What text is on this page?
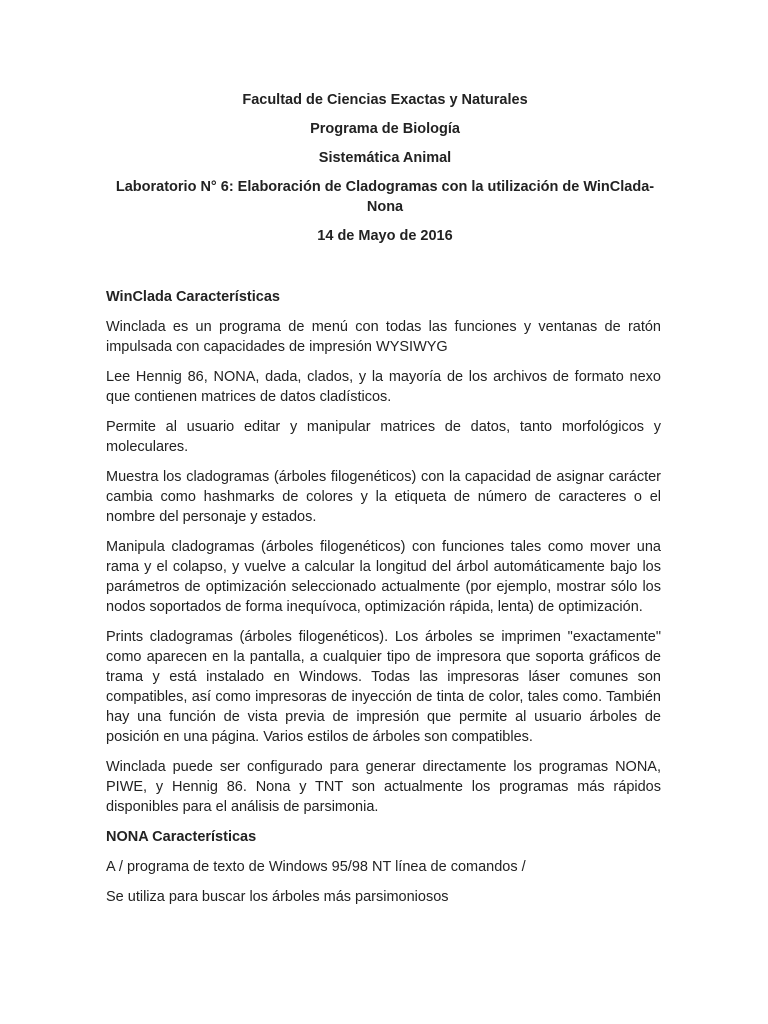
Facultad de Ciencias Exactas y Naturales
Programa de Biología
Sistemática Animal
Laboratorio N° 6: Elaboración de Cladogramas con la utilización de WinClada-Nona
14 de Mayo de 2016
WinClada Características

Winclada es un programa de menú con todas las funciones y ventanas de ratón impulsada con capacidades de impresión WYSIWYG

Lee Hennig 86, NONA, dada, clados, y la mayoría de los archivos de formato nexo que contienen matrices de datos cladísticos.

Permite al usuario editar y manipular matrices de datos, tanto morfológicos y moleculares.

Muestra los cladogramas (árboles filogenéticos) con la capacidad de asignar carácter cambia como hashmarks de colores y la etiqueta de número de caracteres o el nombre del personaje y estados.

Manipula cladogramas (árboles filogenéticos) con funciones tales como mover una rama y el colapso, y vuelve a calcular la longitud del árbol automáticamente bajo los parámetros de optimización seleccionado actualmente (por ejemplo, mostrar sólo los nodos soportados de forma inequívoca, optimización rápida, lenta) de optimización.

Prints cladogramas (árboles filogenéticos). Los árboles se imprimen "exactamente" como aparecen en la pantalla, a cualquier tipo de impresora que soporta gráficos de trama y está instalado en Windows. Todas las impresoras láser comunes son compatibles, así como impresoras de inyección de tinta de color, tales como. También hay una función de vista previa de impresión que permite al usuario árboles de posición en una página. Varios estilos de árboles son compatibles.

Winclada puede ser configurado para generar directamente los programas NONA, PIWE, y Hennig 86. Nona y TNT son actualmente los programas más rápidos disponibles para el análisis de parsimonia.

NONA Características

A / programa de texto de Windows 95/98 NT línea de comandos /

Se utiliza para buscar los árboles más parsimoniosos
